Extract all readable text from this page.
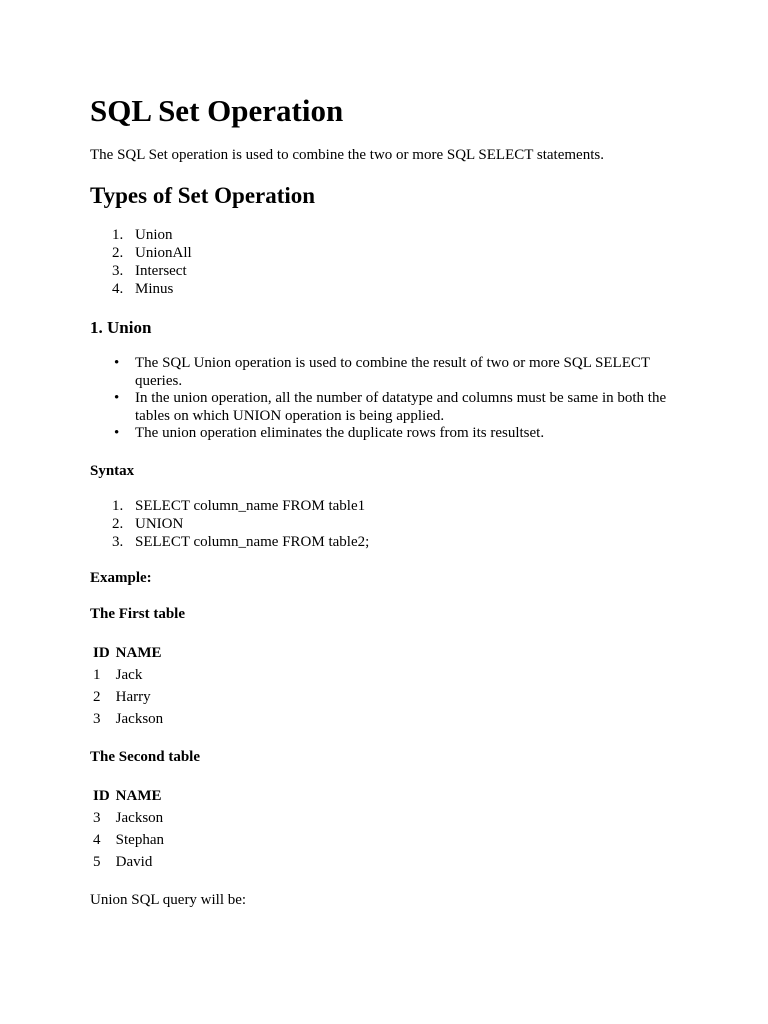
SQL Set Operation

The SQL Set operation is used to combine the two or more SQL SELECT statements.

Types of Set Operation
1. Union
2. UnionAll
3. Intersect
4. Minus
1. Union
• The SQL Union operation is used to combine the result of two or more SQL SELECT queries.
• In the union operation, all the number of datatype and columns must be same in both the tables on which UNION operation is being applied.
• The union operation eliminates the duplicate rows from its resultset.

Syntax

1. SELECT column_name FROM table1
2. UNION
3. SELECT column_name FROM table2;

Example:

The First table

ID	NAME
1	Jack
2	Harry
3	Jackson

The Second table

ID	NAME
3	Jackson
4	Stephan
5	David

Union SQL query will be:
